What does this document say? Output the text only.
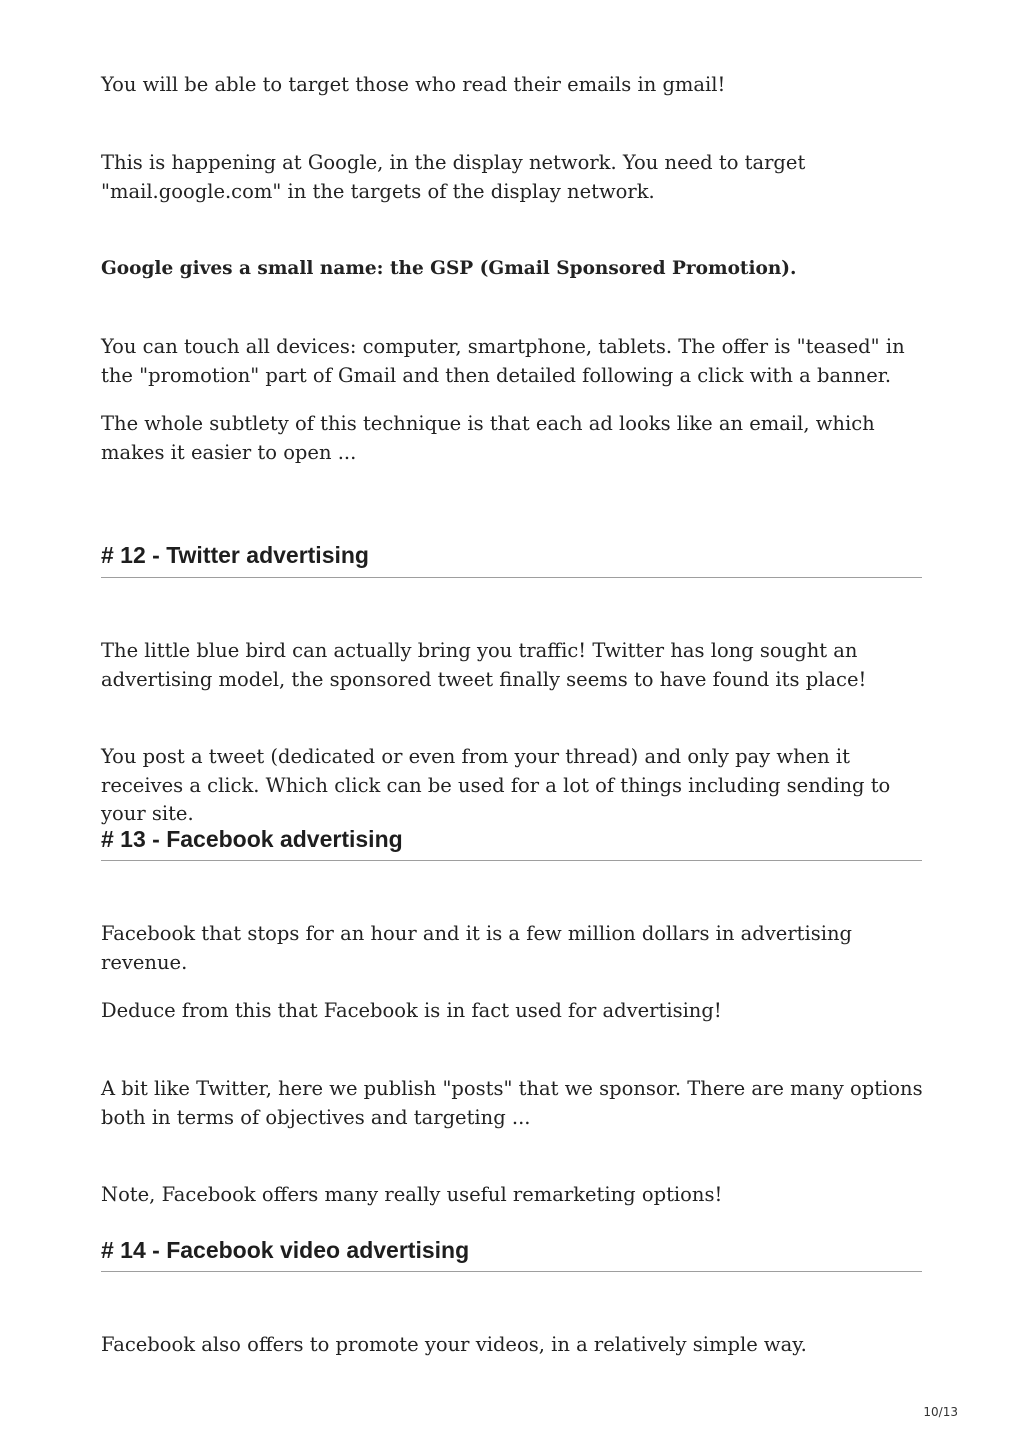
You will be able to target those who read their emails in gmail!

This is happening at Google, in the display network. You need to target "mail.google.com" in the targets of the display network.

Google gives a small name: the GSP (Gmail Sponsored Promotion).

You can touch all devices: computer, smartphone, tablets. The offer is "teased" in the "promotion" part of Gmail and then detailed following a click with a banner.

The whole subtlety of this technique is that each ad looks like an email, which makes it easier to open ...

# 12 - Twitter advertising

The little blue bird can actually bring you traffic! Twitter has long sought an advertising model, the sponsored tweet finally seems to have found its place!

You post a tweet (dedicated or even from your thread) and only pay when it receives a click. Which click can be used for a lot of things including sending to your site.

# 13 - Facebook advertising

Facebook that stops for an hour and it is a few million dollars in advertising revenue.

Deduce from this that Facebook is in fact used for advertising!

A bit like Twitter, here we publish "posts" that we sponsor. There are many options both in terms of objectives and targeting ...

Note, Facebook offers many really useful remarketing options!

# 14 - Facebook video advertising

Facebook also offers to promote your videos, in a relatively simple way.

10/13
